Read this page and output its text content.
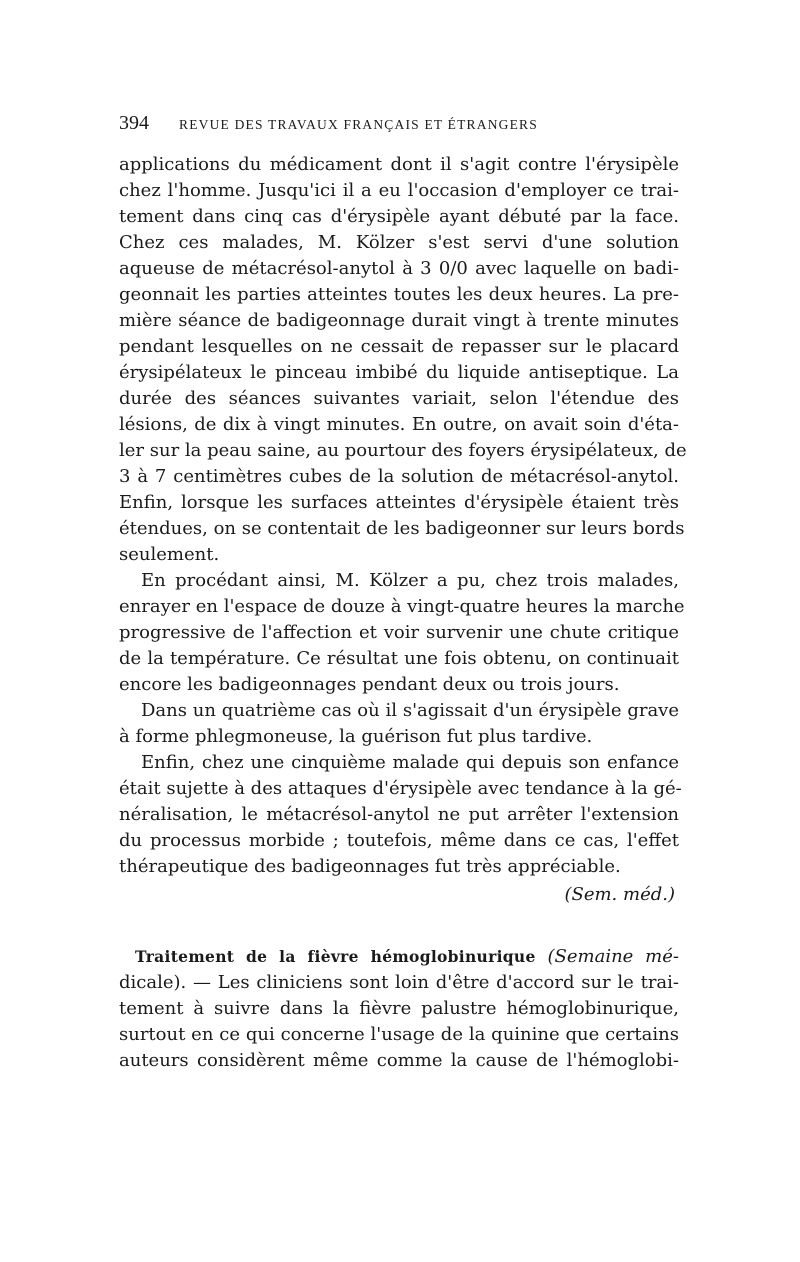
394	REVUE DES TRAVAUX FRANÇAIS ET ÉTRANGERS

applications du médicament dont il s'agit contre l'érysipèle
chez l'homme. Jusqu'ici il a eu l'occasion d'employer ce trai-
tement dans cinq cas d'érysipèle ayant débuté par la face.
Chez ces malades, M. Kölzer s'est servi d'une solution
aqueuse de métacrésol-anytol à 3 0/0 avec laquelle on badi-
geonnait les parties atteintes toutes les deux heures. La pre-
mière séance de badigeonnage durait vingt à trente minutes
pendant lesquelles on ne cessait de repasser sur le placard
érysipélateux le pinceau imbibé du liquide antiseptique. La
durée des séances suivantes variait, selon l'étendue des
lésions, de dix à vingt minutes. En outre, on avait soin d'éta-
ler sur la peau saine, au pourtour des foyers érysipélateux, de
3 à 7 centimètres cubes de la solution de métacrésol-anytol.
Enfin, lorsque les surfaces atteintes d'érysipèle étaient très
étendues, on se contentait de les badigeonner sur leurs bords
seulement.

En procédant ainsi, M. Kölzer a pu, chez trois malades,
enrayer en l'espace de douze à vingt-quatre heures la marche
progressive de l'affection et voir survenir une chute critique
de la température. Ce résultat une fois obtenu, on continuait
encore les badigeonnages pendant deux ou trois jours.

Dans un quatrième cas où il s'agissait d'un érysipèle grave
à forme phlegmoneuse, la guérison fut plus tardive.

Enfin, chez une cinquième malade qui depuis son enfance
était sujette à des attaques d'érysipèle avec tendance à la gé-
néralisation, le métacrésol-anytol ne put arrêter l'extension
du processus morbide ; toutefois, même dans ce cas, l'effet
thérapeutique des badigeonnages fut très appréciable.

(Sem. méd.)

Traitement de la fièvre hémoglobinurique (Semaine mé-
dicale). — Les cliniciens sont loin d'être d'accord sur le trai-
tement à suivre dans la fièvre palustre hémoglobinurique,
surtout en ce qui concerne l'usage de la quinine que certains
auteurs considèrent même comme la cause de l'hémoglobi-
